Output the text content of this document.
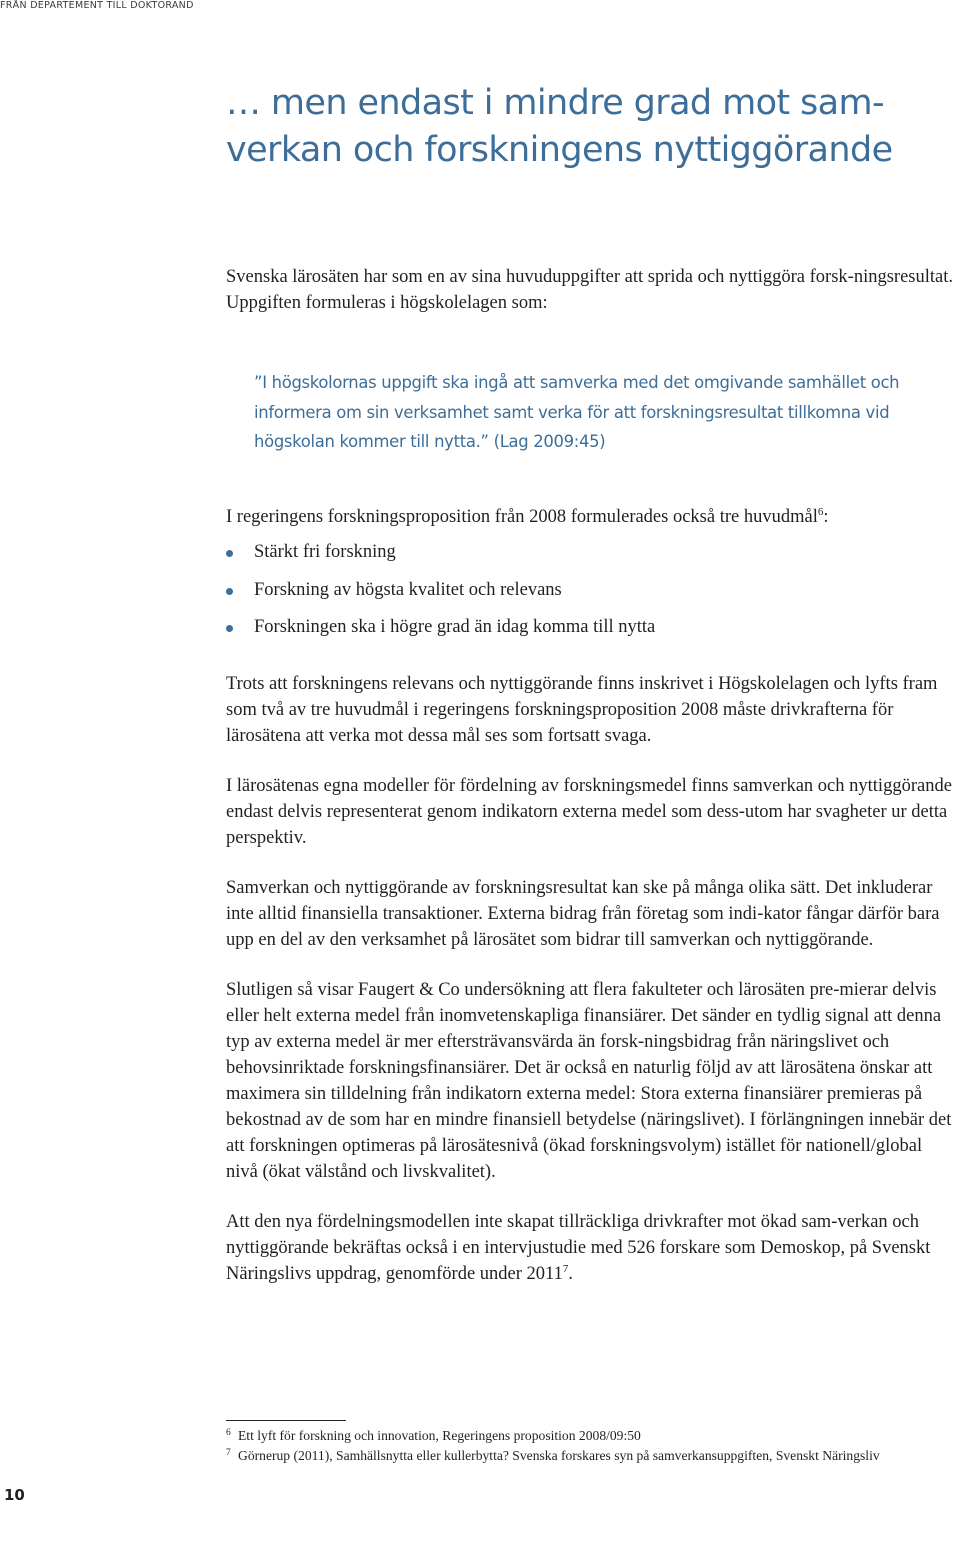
FRÅN DEPARTEMENT TILL DOKTORAND
… men endast i mindre grad mot sam-verkan och forskningens nyttiggörande

Svenska lärosäten har som en av sina huvuduppgifter att sprida och nyttiggöra forsk-ningsresultat. Uppgiften formuleras i högskolelagen som:

”I högskolornas uppgift ska ingå att samverka med det omgivande samhället och informera om sin verksamhet samt verka för att forskningsresultat tillkomna vid högskolan kommer till nytta.” (Lag 2009:45)

I regeringens forskningsproposition från 2008 formulerades också tre huvudmål$^6$:

Stärkt fri forskning
Forskning av högsta kvalitet och relevans
Forskningen ska i högre grad än idag komma till nytta

Trots att forskningens relevans och nyttiggörande finns inskrivet i Högskolelagen och lyfts fram som två av tre huvudmål i regeringens forskningsproposition 2008 måste drivkrafterna för lärosätena att verka mot dessa mål ses som fortsatt svaga.

I lärosätenas egna modeller för fördelning av forskningsmedel finns samverkan och nyttiggörande endast delvis representerat genom indikatorn externa medel som dess-utom har svagheter ur detta perspektiv.

Samverkan och nyttiggörande av forskningsresultat kan ske på många olika sätt. Det inkluderar inte alltid finansiella transaktioner. Externa bidrag från företag som indi-kator fångar därför bara upp en del av den verksamhet på lärosätet som bidrar till samverkan och nyttiggörande.

Slutligen så visar Faugert & Co undersökning att flera fakulteter och lärosäten pre-mierar delvis eller helt externa medel från inomvetenskapliga finansiärer. Det sänder en tydlig signal att denna typ av externa medel är mer eftersträvansvärda än forsk-ningsbidrag från näringslivet och behovsinriktade forskningsfinansiärer. Det är också en naturlig följd av att lärosätena önskar att maximera sin tilldelning från indikatorn externa medel: Stora externa finansiärer premieras på bekostnad av de som har en mindre finansiell betydelse (näringslivet). I förlängningen innebär det att forskningen optimeras på lärosätesnivå (ökad forskningsvolym) istället för nationell/global nivå (ökat välstånd och livskvalitet).

Att den nya fördelningsmodellen inte skapat tillräckliga drivkrafter mot ökad sam-verkan och nyttiggörande bekräftas också i en intervjustudie med 526 forskare som Demoskop, på Svenskt Näringslivs uppdrag, genomförde under 2011$^7$.

6 Ett lyft för forskning och innovation, Regeringens proposition 2008/09:50
7 Görnerup (2011), Samhällsnytta eller kullerbytta? Svenska forskares syn på samverkansuppgiften, Svenskt Näringsliv
10
